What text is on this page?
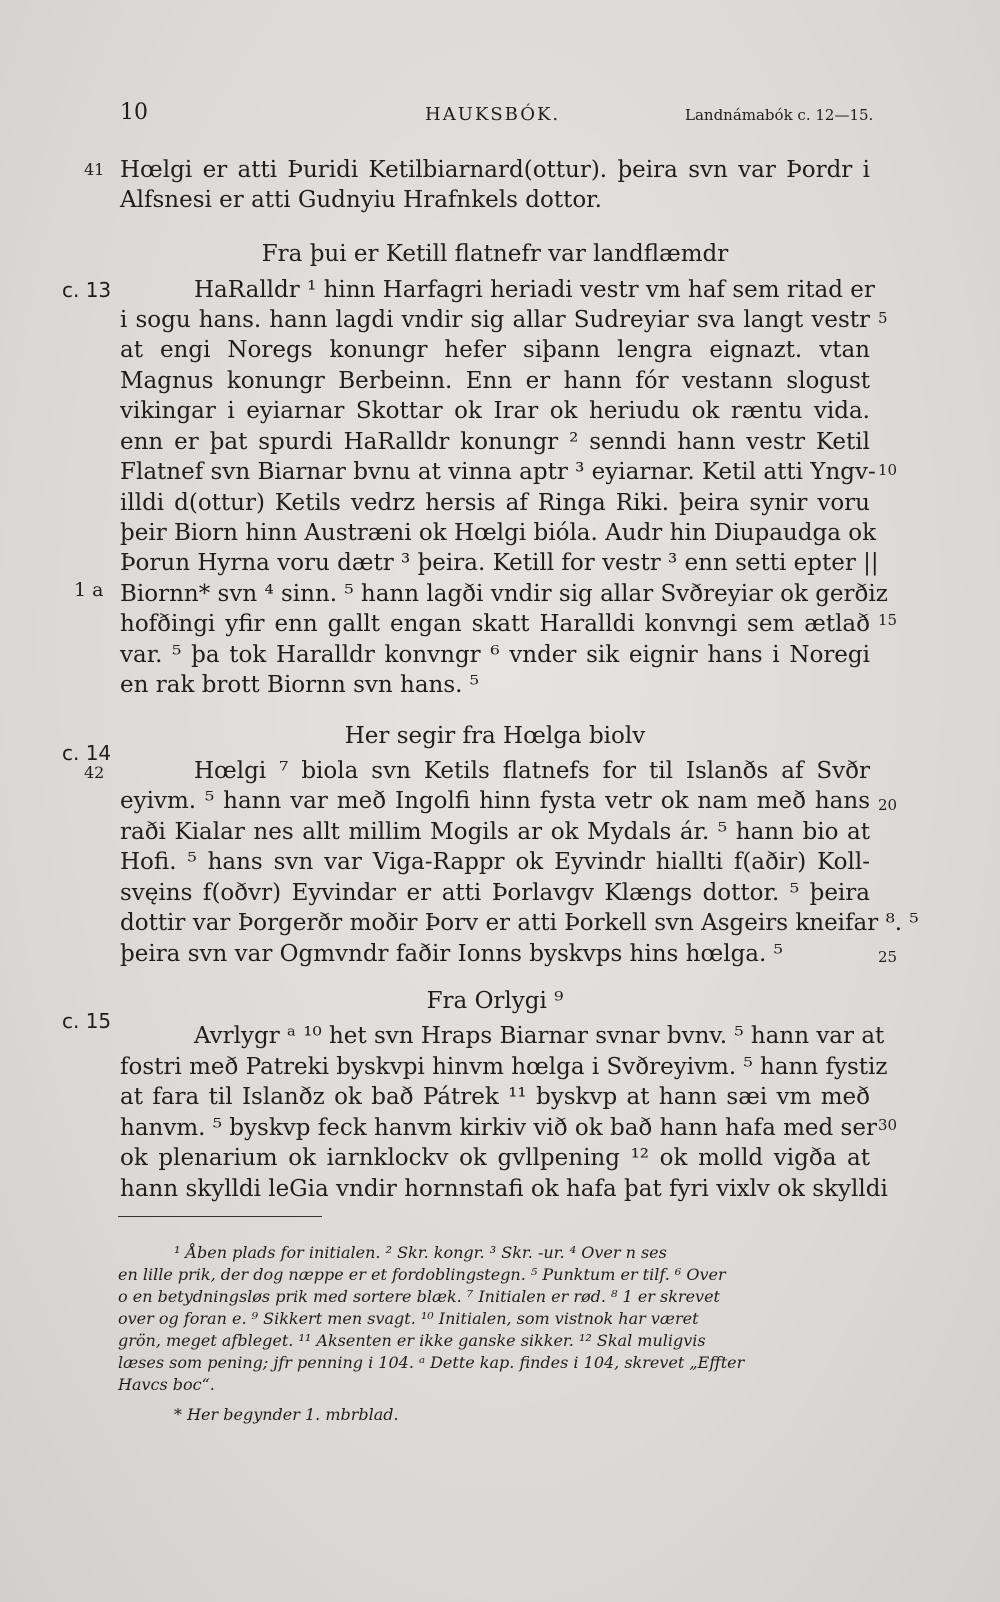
10	HAUKSBÓK.	Landnámabók c. 12—15.
41
c. 13
1 a
c. 14
42
c. 15
5
10
15
20
25
30
Hœlgi er atti Þuridi Ketilbiarnard(ottur). þeira svn var Þordr i
Alfsnesi er atti Gudnyiu Hrafnkels dottor.
Fra þui er Ketill flatnefr var landflæmdr
HaRalldr ¹ hinn Harfagri heriadi vestr vm haf sem ritad er
i sogu hans. hann lagdi vndir sig allar Sudreyiar sva langt vestr
at engi Noregs konungr hefer siþann lengra eignazt. vtan
Magnus konungr Berbeinn. Enn er hann fór vestann slogust
vikingar i eyiarnar Skottar ok Irar ok heriudu ok ræntu vida.
enn er þat spurdi HaRalldr konungr ² senndi hann vestr Ketil
Flatnef svn Biarnar bvnu at vinna aptr ³ eyiarnar. Ketil atti Yngv-
illdi d(ottur) Ketils vedrz hersis af Ringa Riki. þeira synir voru
þeir Biorn hinn Austræni ok Hœlgi bióla. Audr hin Diupaudga ok
Þorun Hyrna voru dætr ³ þeira. Ketill for vestr ³ enn setti epter ||
Biornn* svn ⁴ sinn. ⁵ hann lagði vndir sig allar Svðreyiar ok gerðiz
hofðingi yfir enn gallt engan skatt Haralldi konvngi sem ætlað
var. ⁵ þa tok Haralldr konvngr ⁶ vnder sik eignir hans i Noregi
en rak brott Biornn svn hans. ⁵
Her segir fra Hœlga biolv
Hœlgi ⁷ biola svn Ketils flatnefs for til Islanðs af Svðr
eyivm. ⁵ hann var með Ingolfi hinn fysta vetr ok nam með hans
raði Kialar nes allt millim Mogils ar ok Mydals ár. ⁵ hann bio at
Hofi. ⁵ hans svn var Viga-Rappr ok Eyvindr hiallti f(aðir) Koll-
svęins f(oðvr) Eyvindar er atti Þorlavgv Klængs dottor. ⁵ þeira
dottir var Þorgerðr moðir Þorv er atti Þorkell svn Asgeirs kneifar ⁸. ⁵
þeira svn var Ogmvndr faðir Ionns byskvps hins hœlga. ⁵
Fra Orlygi ⁹
Avrlygr ᵃ ¹⁰ het svn Hraps Biarnar svnar bvnv. ⁵ hann var at
fostri með Patreki byskvpi hinvm hœlga i Svðreyivm. ⁵ hann fystiz
at fara til Islanðz ok bað Pátrek ¹¹ byskvp at hann sæi vm með
hanvm. ⁵ byskvp feck hanvm kirkiv við ok bað hann hafa med ser
ok plenarium ok iarnklockv ok gvllpening ¹² ok molld vigða at
hann skylldi leGia vndir hornnstafi ok hafa þat fyri vixlv ok skylldi
¹ Åben plads for initialen. ² Skr. kongr. ³ Skr. -ur. ⁴ Over n ses
en lille prik, der dog næppe er et fordoblingstegn. ⁵ Punktum er tilf. ⁶ Over
o en betydningsløs prik med sortere blæk. ⁷ Initialen er rød. ⁸ 1 er skrevet
over og foran e. ⁹ Sikkert men svagt. ¹⁰ Initialen, som vistnok har været
grön, meget afbleget. ¹¹ Aksenten er ikke ganske sikker. ¹² Skal muligvis
læses som pening; jfr penning i 104. ᵃ Dette kap. findes i 104, skrevet „Effter
Havcs boc“.
* Her begynder 1. mbrblad.
